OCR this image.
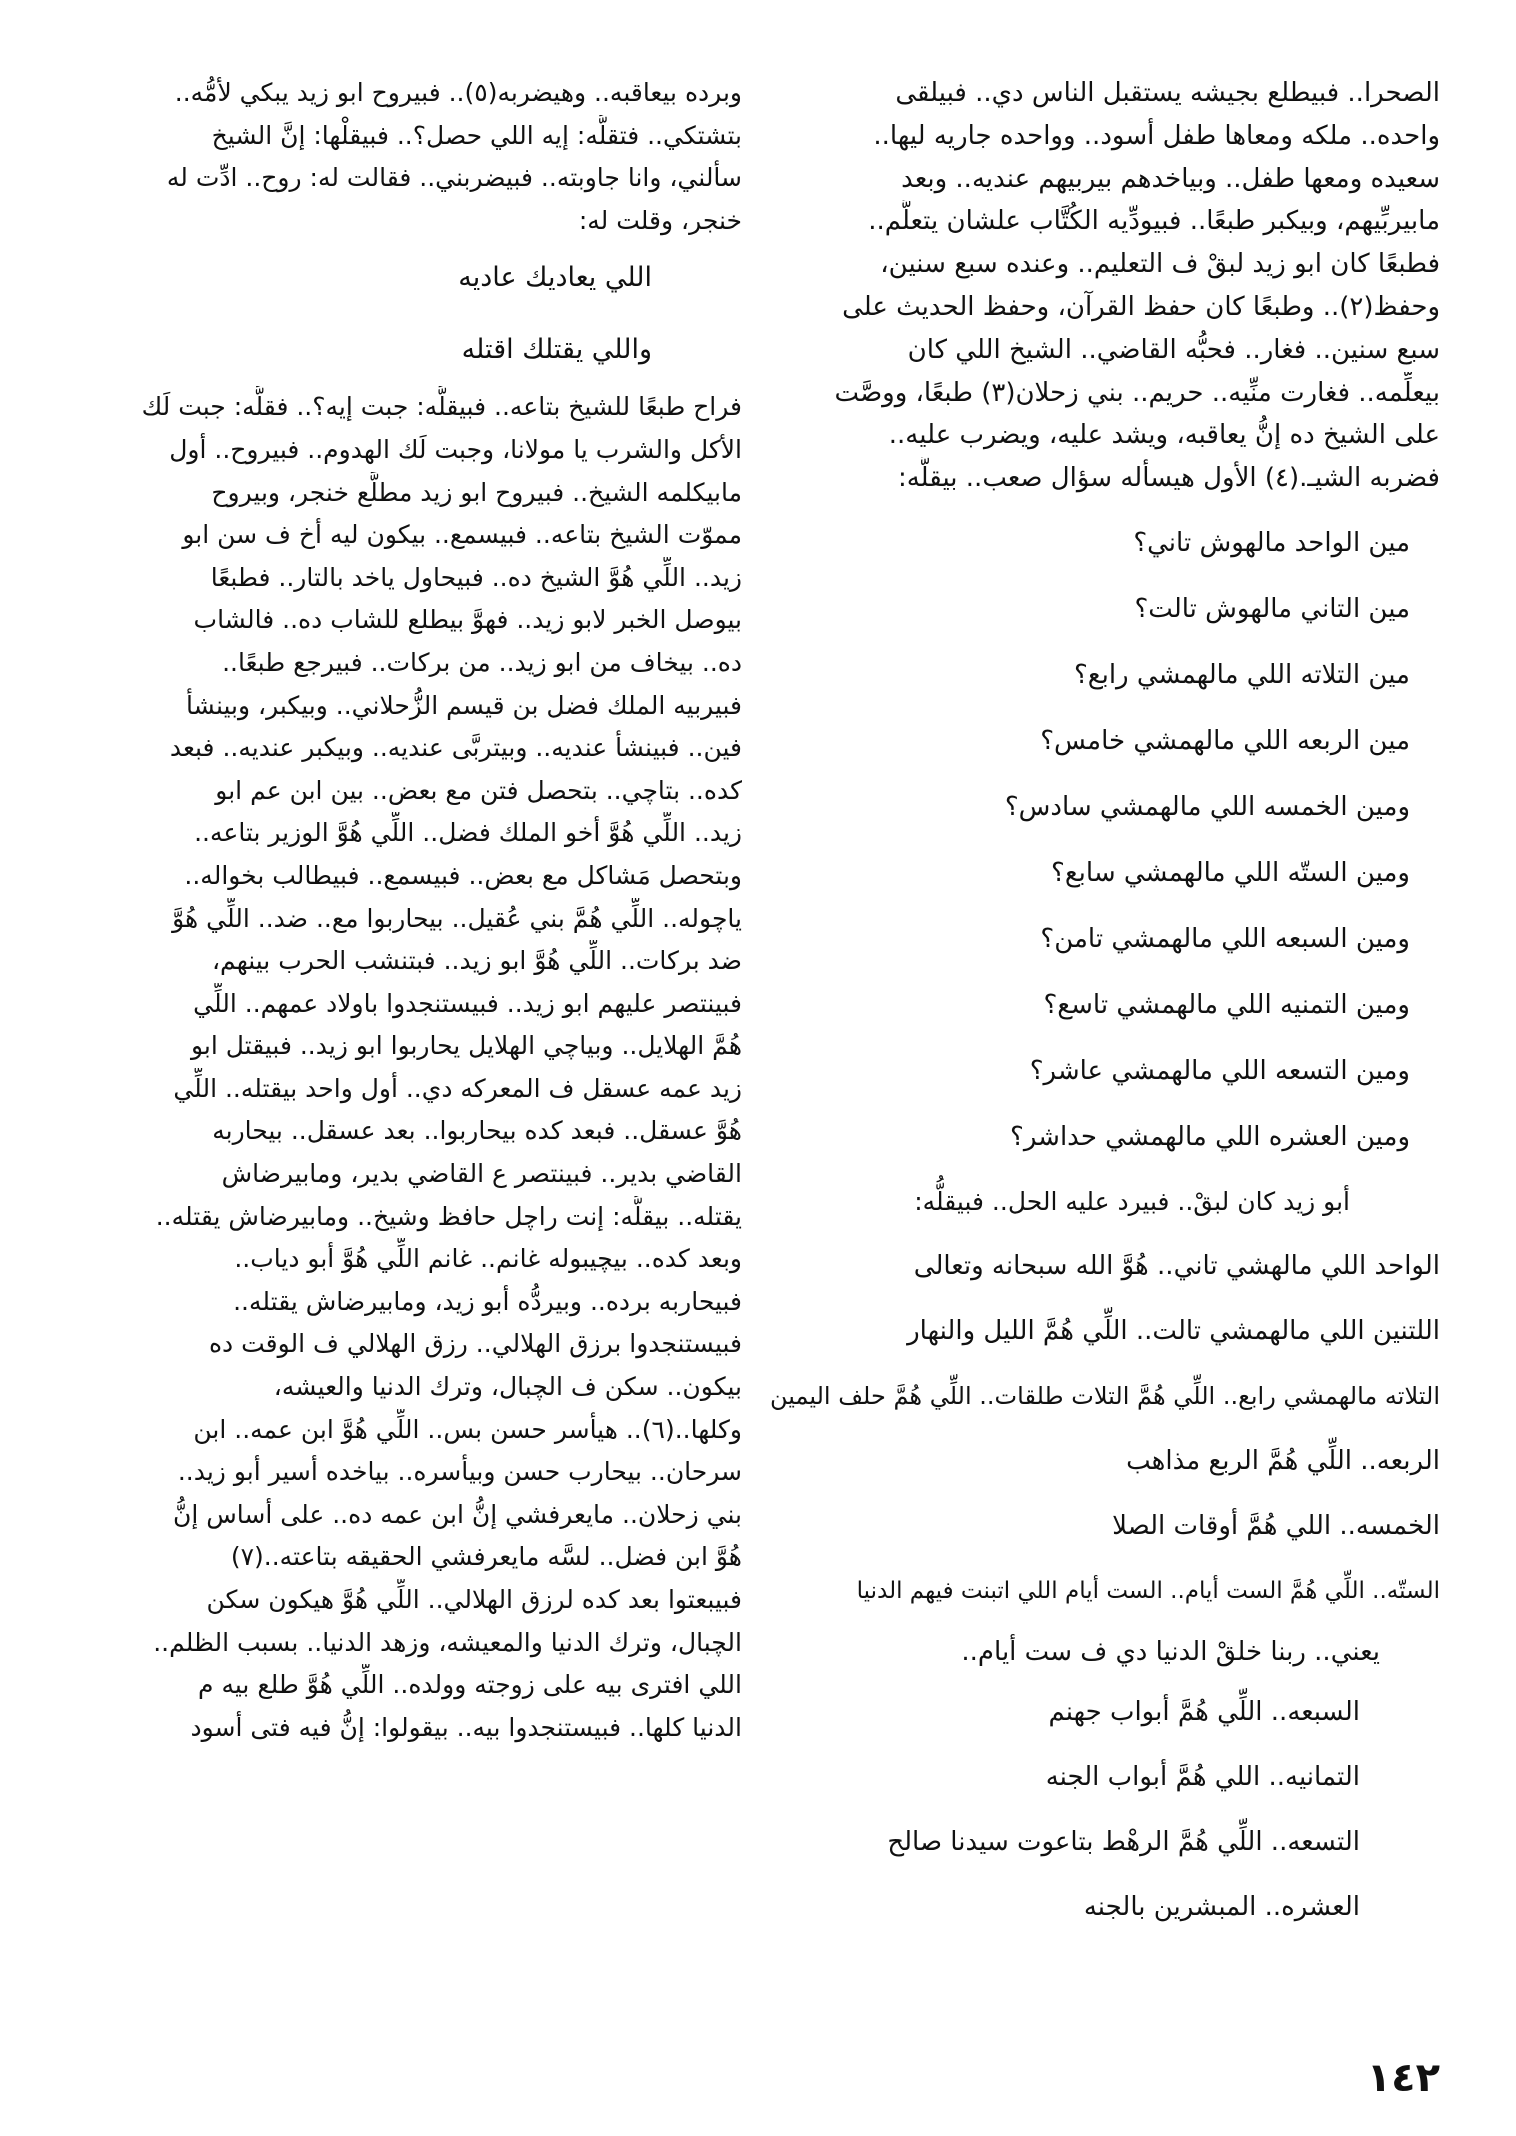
الصحرا.. فبيطلع بجيشه يستقبل الناس دي.. فبيلقى
واحده.. ملكه ومعاها طفل أسود.. وواحده جاريه ليها..
سعيده ومعها طفل.. وبياخدهم بيربيهم عنديه.. وبعد
مابيربِّيهم، وبيكبر طبعًا.. فبيودِّيه الكُتَّاب علشان يتعلَّم..
فطبعًا كان ابو زيد لبقْ ف التعليم.. وعنده سبع سنين،
وحفظ(٢).. وطبعًا كان حفظ القرآن، وحفظ الحديث على
سبع سنين.. فغار.. فحبُّه القاضي.. الشيخ اللي كان
بيعلِّمه.. فغارت منِّيه.. حريم.. بني زحلان(٣) طبعًا، ووصَّت
على الشيخ ده إنُّ يعاقبه، ويشد عليه، ويضرب عليه..
فضربه الشيـ.(٤) الأول هيسأله سؤال صعب.. بيقلُّه:
مين الواحد مالهوش تاني؟
مين التاني مالهوش تالت؟
مين التلاته اللي مالهمشي رابع؟
مين الربعه اللي مالهمشي خامس؟
ومين الخمسه اللي مالهمشي سادس؟
ومين الستّه اللي مالهمشي سابع؟
ومين السبعه اللي مالهمشي تامن؟
ومين التمنيه اللي مالهمشي تاسع؟
ومين التسعه اللي مالهمشي عاشر؟
ومين العشره اللي مالهمشي حداشر؟
أبو زيد كان لبقْ.. فبيرد عليه الحل.. فبيقلُّه:
الواحد اللي مالهشي تاني.. هُوَّ الله سبحانه وتعالى
اللتنين اللي مالهمشي تالت.. اللِّي هُمَّ الليل والنهار
التلاته مالهمشي رابع.. اللِّي هُمَّ التلات طلقات.. اللِّي هُمَّ حلف اليمين
الربعه.. اللِّي هُمَّ الربع مذاهب
الخمسه.. اللي هُمَّ أوقات الصلا
الستّه.. اللِّي هُمَّ الست أيام.. الست أيام اللي اتبنت فيهم الدنيا
يعني.. ربنا خلقْ الدنيا دي ف ست أيام..
السبعه.. اللِّي هُمَّ أبواب جهنم
التمانيه.. اللي هُمَّ أبواب الجنه
التسعه.. اللِّي هُمَّ الرهْط بتاعوت سيدنا صالح
العشره.. المبشرين بالجنه
وبرده بيعاقبه.. وهيضربه(٥).. فبيروح ابو زيد يبكي لأمُّه..
بتشتكي.. فتقلُّه: إيه اللي حصل؟.. فبيقلْها: إنَّ الشيخ
سألني، وانا جاوبته.. فبيضربني.. فقالت له: روح.. ادِّت له
خنجر، وقلت له:
اللي يعاديك عاديه
واللي يقتلك اقتله
فراح طبعًا للشيخ بتاعه.. فبيقلُّه: جبت إيه؟.. فقلُّه: جبت لَك
الأكل والشرب يا مولانا، وجبت لَك الهدوم.. فبيروح.. أول
مابيكلمه الشيخ.. فبيروح ابو زيد مطلَّع خنجر، وبيروح
مموّت الشيخ بتاعه.. فبيسمع.. بيكون ليه أخ ف سن ابو
زيد.. اللِّي هُوَّ الشيخ ده.. فبيحاول ياخد بالتار.. فطبعًا
بيوصل الخبر لابو زيد.. فهوَّ بيطلع للشاب ده.. فالشاب
ده.. بيخاف من ابو زيد.. من بركات.. فبيرجع طبعًا..
فبيربيه الملك فضل بن قيسم الزُّحلاني.. وبيكبر، وبينشأ
فين.. فبينشأ عنديه.. وبيتربَّى عنديه.. وبيكبر عنديه.. فبعد
كده.. بتاچي.. بتحصل فتن مع بعض.. بين ابن عم ابو
زيد.. اللِّي هُوَّ أخو الملك فضل.. اللِّي هُوَّ الوزير بتاعه..
وبتحصل مَشاكل مع بعض.. فبيسمع.. فبيطالب بخواله..
ياچوله.. اللِّي هُمَّ بني عُقيل.. بيحاربوا مع.. ضد.. اللِّي هُوَّ
ضد بركات.. اللِّي هُوَّ ابو زيد.. فبتنشب الحرب بينهم،
فبينتصر عليهم ابو زيد.. فبيستنجدوا باولاد عمهم.. اللِّي
هُمَّ الهلايل.. وبياچي الهلايل يحاربوا ابو زيد.. فبيقتل ابو
زيد عمه عسقل ف المعركه دي.. أول واحد بيقتله.. اللِّي
هُوَّ عسقل.. فبعد كده بيحاربوا.. بعد عسقل.. بيحاربه
القاضي بدير.. فبينتصر ع القاضي بدير، ومابيرضاش
يقتله.. بيقلُّه: إنت راچل حافظ وشيخ.. ومابيرضاش يقتله..
وبعد كده.. بيچيبوله غانم.. غانم اللِّي هُوَّ أبو دياب..
فبيحاربه برده.. وبيردُّه أبو زيد، ومابيرضاش يقتله..
فبيستنجدوا برزق الهلالي.. رزق الهلالي ف الوقت ده
بيكون.. سكن ف الچبال، وترك الدنيا والعيشه،
وكلها..(٦).. هيأسر حسن بس.. اللِّي هُوَّ ابن عمه.. ابن
سرحان.. بيحارب حسن وبيأسره.. بياخده أسير أبو زيد..
بني زحلان.. مايعرفشي إنُّ ابن عمه ده.. على أساس إنُّ
هُوَّ ابن فضل.. لسَّه مايعرفشي الحقيقه بتاعته..(٧)
فبيبعتوا بعد كده لرزق الهلالي.. اللِّي هُوَّ هيكون سكن
الچبال، وترك الدنيا والمعيشه، وزهد الدنيا.. بسبب الظلم..
اللي افترى بيه على زوجته وولده.. اللِّي هُوَّ طلع بيه م
الدنيا كلها.. فبيستنجدوا بيه.. بيقولوا: إنُّ فيه فتى أسود
١٤٢
